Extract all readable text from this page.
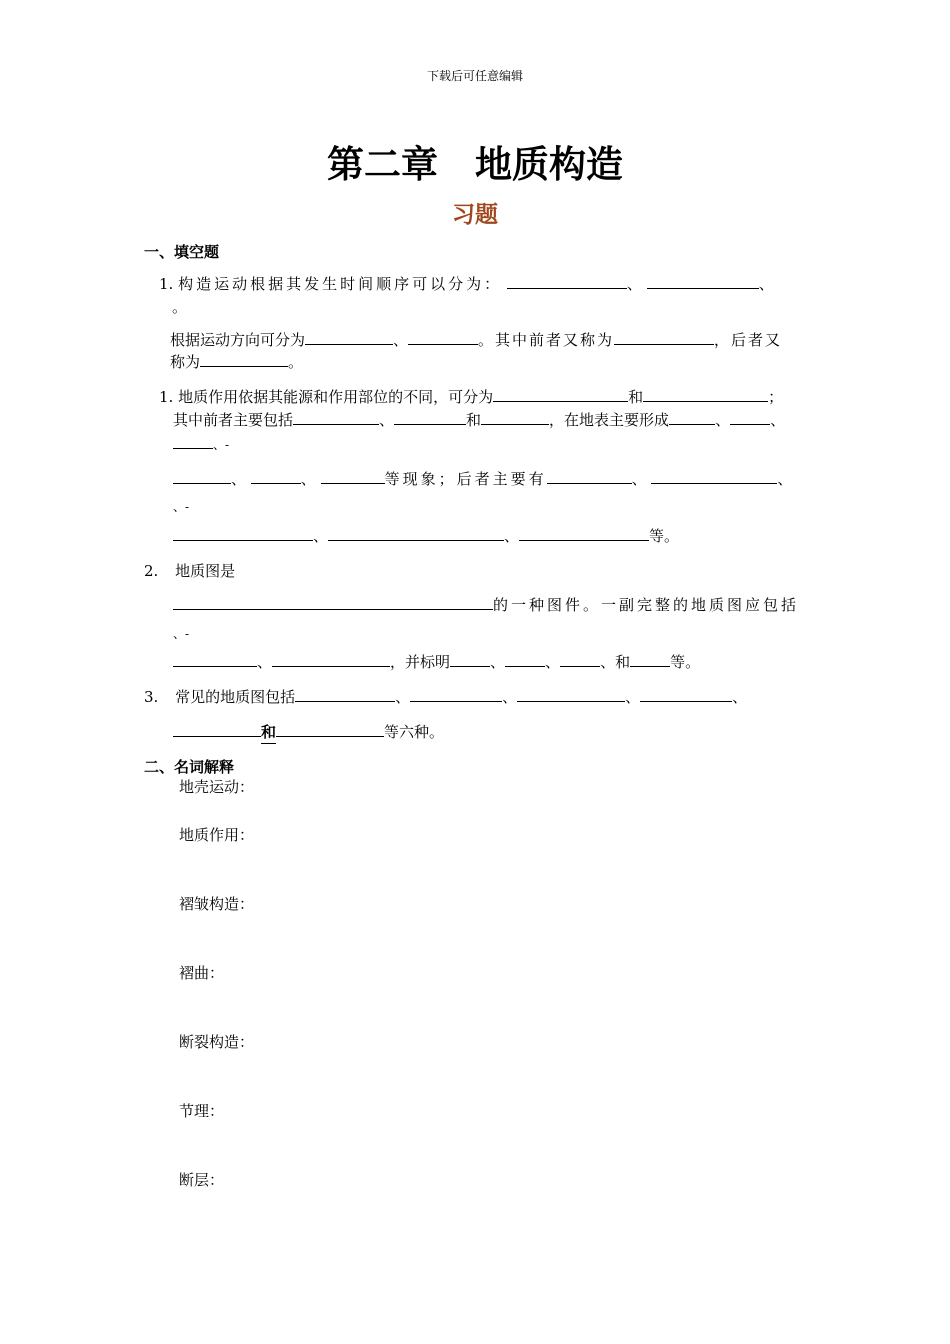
下载后可任意编辑
第二章　地质构造
习题
一、填空题
1. 构造运动根据其发生时间顺序可以分为：	、	、
。
根据运动方向可分为	、	。其中前者又称为	，后者又
称为	。
1. 地质作用依据其能源和作用部位的不同，可分为	和	；
其中前者主要包括	、	和	，在地表主要形成	、	、
、-
、	、	等现象；后者主要有	、	、
、-
、	、	等。
2. 地质图是
的一种图件。一副完整的地质图应包括
、-
、	，并标明	、	、	、和	等。
3. 常见的地质图包括	、	、	、	、
和	等六种。
二、名词解释
地壳运动：
地质作用：
褶皱构造：
褶曲：
断裂构造：
节理：
断层：
